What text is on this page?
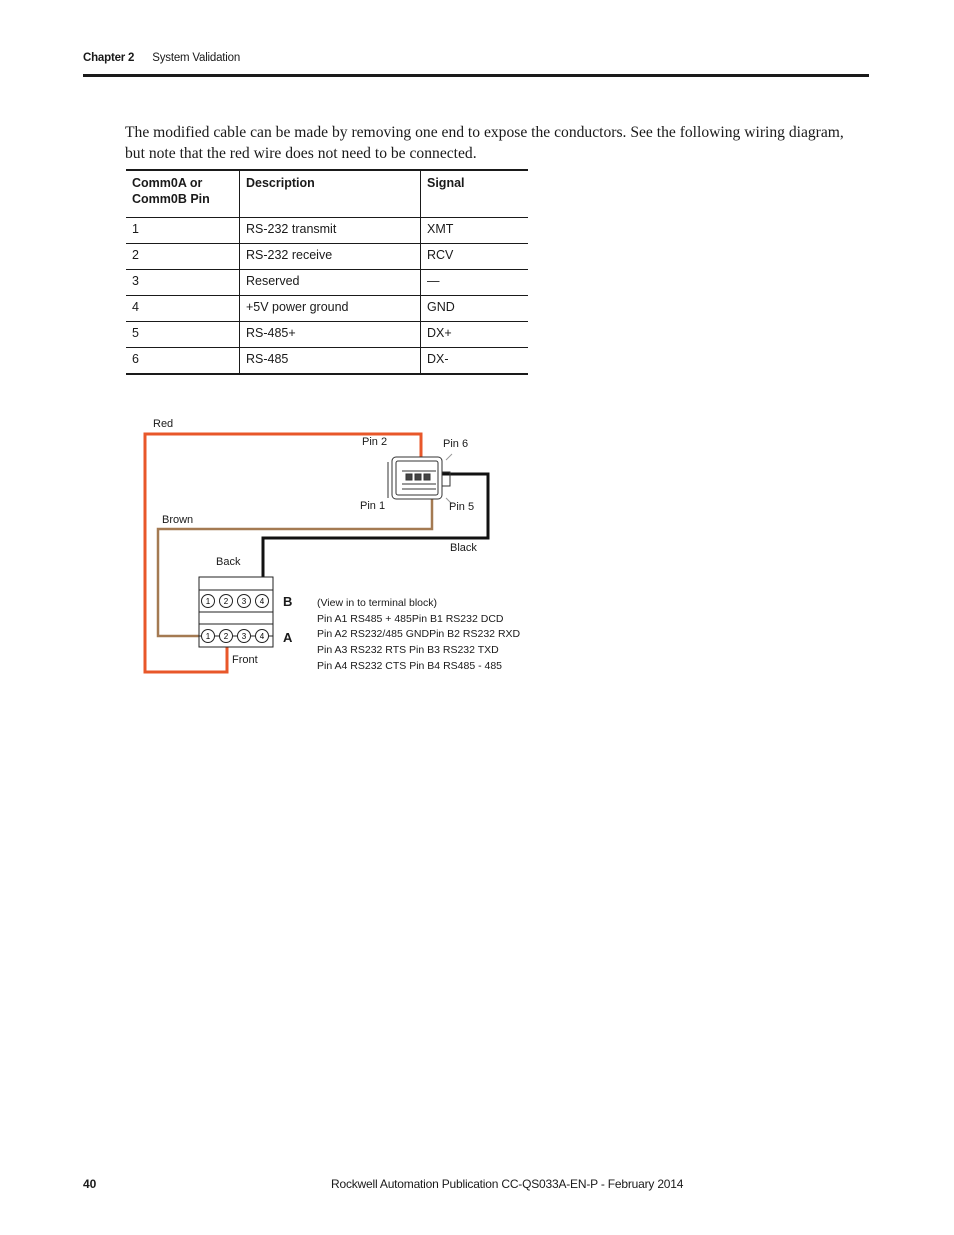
Chapter 2 System Validation

The modified cable can be made by removing one end to expose the conductors. See the following wiring diagram, but note that the red wire does not need to be connected.

Comm0A or
Comm0B Pin	Description	Signal
1	RS-232 transmit	XMT
2	RS-232 receive	RCV
3	Reserved	—
4	+5V power ground	GND
5	RS-485+	DX+
6	RS-485	DX-
1 2 3 4
1 2 3 4
Red
Pin 2	Pin 6
Pin 1	Pin 5
Brown
Black
Back
Front
B
A
(View in to terminal block)
Pin A1 RS485 + 485Pin B1 RS232 DCD
Pin A2 RS232/485 GNDPin B2 RS232 RXD
Pin A3 RS232 RTS Pin B3 RS232 TXD
Pin A4 RS232 CTS Pin B4 RS485 - 485
40	Rockwell Automation Publication CC-QS033A-EN-P - February 2014
